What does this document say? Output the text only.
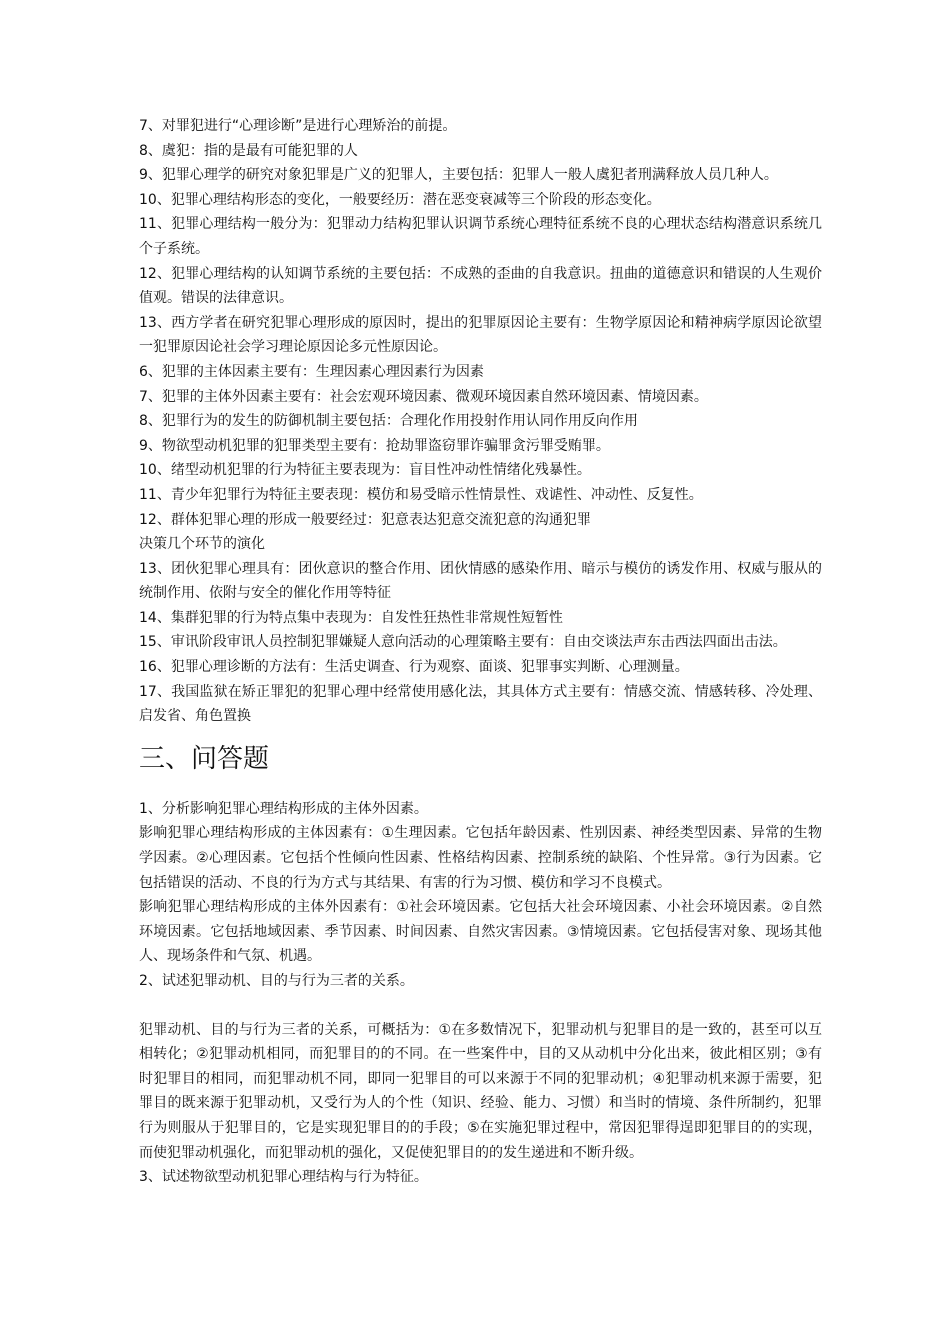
7、对罪犯进行“心理诊断”是进行心理矫治的前提。

8、虞犯：指的是最有可能犯罪的人

9、犯罪心理学的研究对象犯罪是广义的犯罪人，主要包括：犯罪人一般人虞犯者刑满释放人员几种人。

10、犯罪心理结构形态的变化，一般要经历：潜在恶变衰减等三个阶段的形态变化。

11、犯罪心理结构一般分为：犯罪动力结构犯罪认识调节系统心理特征系统不良的心理状态结构潜意识系统几个子系统。

12、犯罪心理结构的认知调节系统的主要包括：不成熟的歪曲的自我意识。扭曲的道德意识和错误的人生观价值观。错误的法律意识。

13、西方学者在研究犯罪心理形成的原因时，提出的犯罪原因论主要有：生物学原因论和精神病学原因论欲望一犯罪原因论社会学习理论原因论多元性原因论。

6、犯罪的主体因素主要有：生理因素心理因素行为因素

7、犯罪的主体外因素主要有：社会宏观环境因素、微观环境因素自然环境因素、情境因素。

8、犯罪行为的发生的防御机制主要包括：合理化作用投射作用认同作用反向作用

9、物欲型动机犯罪的犯罪类型主要有：抢劫罪盗窃罪诈骗罪贪污罪受贿罪。

10、绪型动机犯罪的行为特征主要表现为：盲目性冲动性情绪化残暴性。

11、青少年犯罪行为特征主要表现：模仿和易受暗示性情景性、戏谑性、冲动性、反复性。

12、群体犯罪心理的形成一般要经过：犯意表达犯意交流犯意的沟通犯罪

决策几个环节的演化

13、团伙犯罪心理具有：团伙意识的整合作用、团伙情感的感染作用、暗示与模仿的诱发作用、权威与服从的统制作用、依附与安全的催化作用等特征

14、集群犯罪的行为特点集中表现为：自发性狂热性非常规性短暂性

15、审讯阶段审讯人员控制犯罪嫌疑人意向活动的心理策略主要有：自由交谈法声东击西法四面出击法。

16、犯罪心理诊断的方法有：生活史调查、行为观察、面谈、犯罪事实判断、心理测量。

17、我国监狱在矫正罪犯的犯罪心理中经常使用感化法，其具体方式主要有：情感交流、情感转移、冷处理、启发省、角色置换

三、问答题

1、分析影响犯罪心理结构形成的主体外因素。

影响犯罪心理结构形成的主体因素有：①生理因素。它包括年龄因素、性别因素、神经类型因素、异常的生物学因素。②心理因素。它包括个性倾向性因素、性格结构因素、控制系统的缺陷、个性异常。③行为因素。它包括错误的活动、不良的行为方式与其结果、有害的行为习惯、模仿和学习不良模式。

影响犯罪心理结构形成的主体外因素有：①社会环境因素。它包括大社会环境因素、小社会环境因素。②自然环境因素。它包括地域因素、季节因素、时间因素、自然灾害因素。③情境因素。它包括侵害对象、现场其他人、现场条件和气氛、机遇。

2、试述犯罪动机、目的与行为三者的关系。

犯罪动机、目的与行为三者的关系，可概括为：①在多数情况下，犯罪动机与犯罪目的是一致的，甚至可以互相转化；②犯罪动机相同，而犯罪目的的不同。在一些案件中，目的又从动机中分化出来，彼此相区别；③有时犯罪目的相同，而犯罪动机不同，即同一犯罪目的可以来源于不同的犯罪动机；④犯罪动机来源于需要，犯罪目的既来源于犯罪动机，又受行为人的个性（知识、经验、能力、习惯）和当时的情境、条件所制约，犯罪行为则服从于犯罪目的，它是实现犯罪目的的手段；⑤在实施犯罪过程中，常因犯罪得逞即犯罪目的的实现，而使犯罪动机强化，而犯罪动机的强化，又促使犯罪目的的发生递进和不断升级。

3、试述物欲型动机犯罪心理结构与行为特征。
